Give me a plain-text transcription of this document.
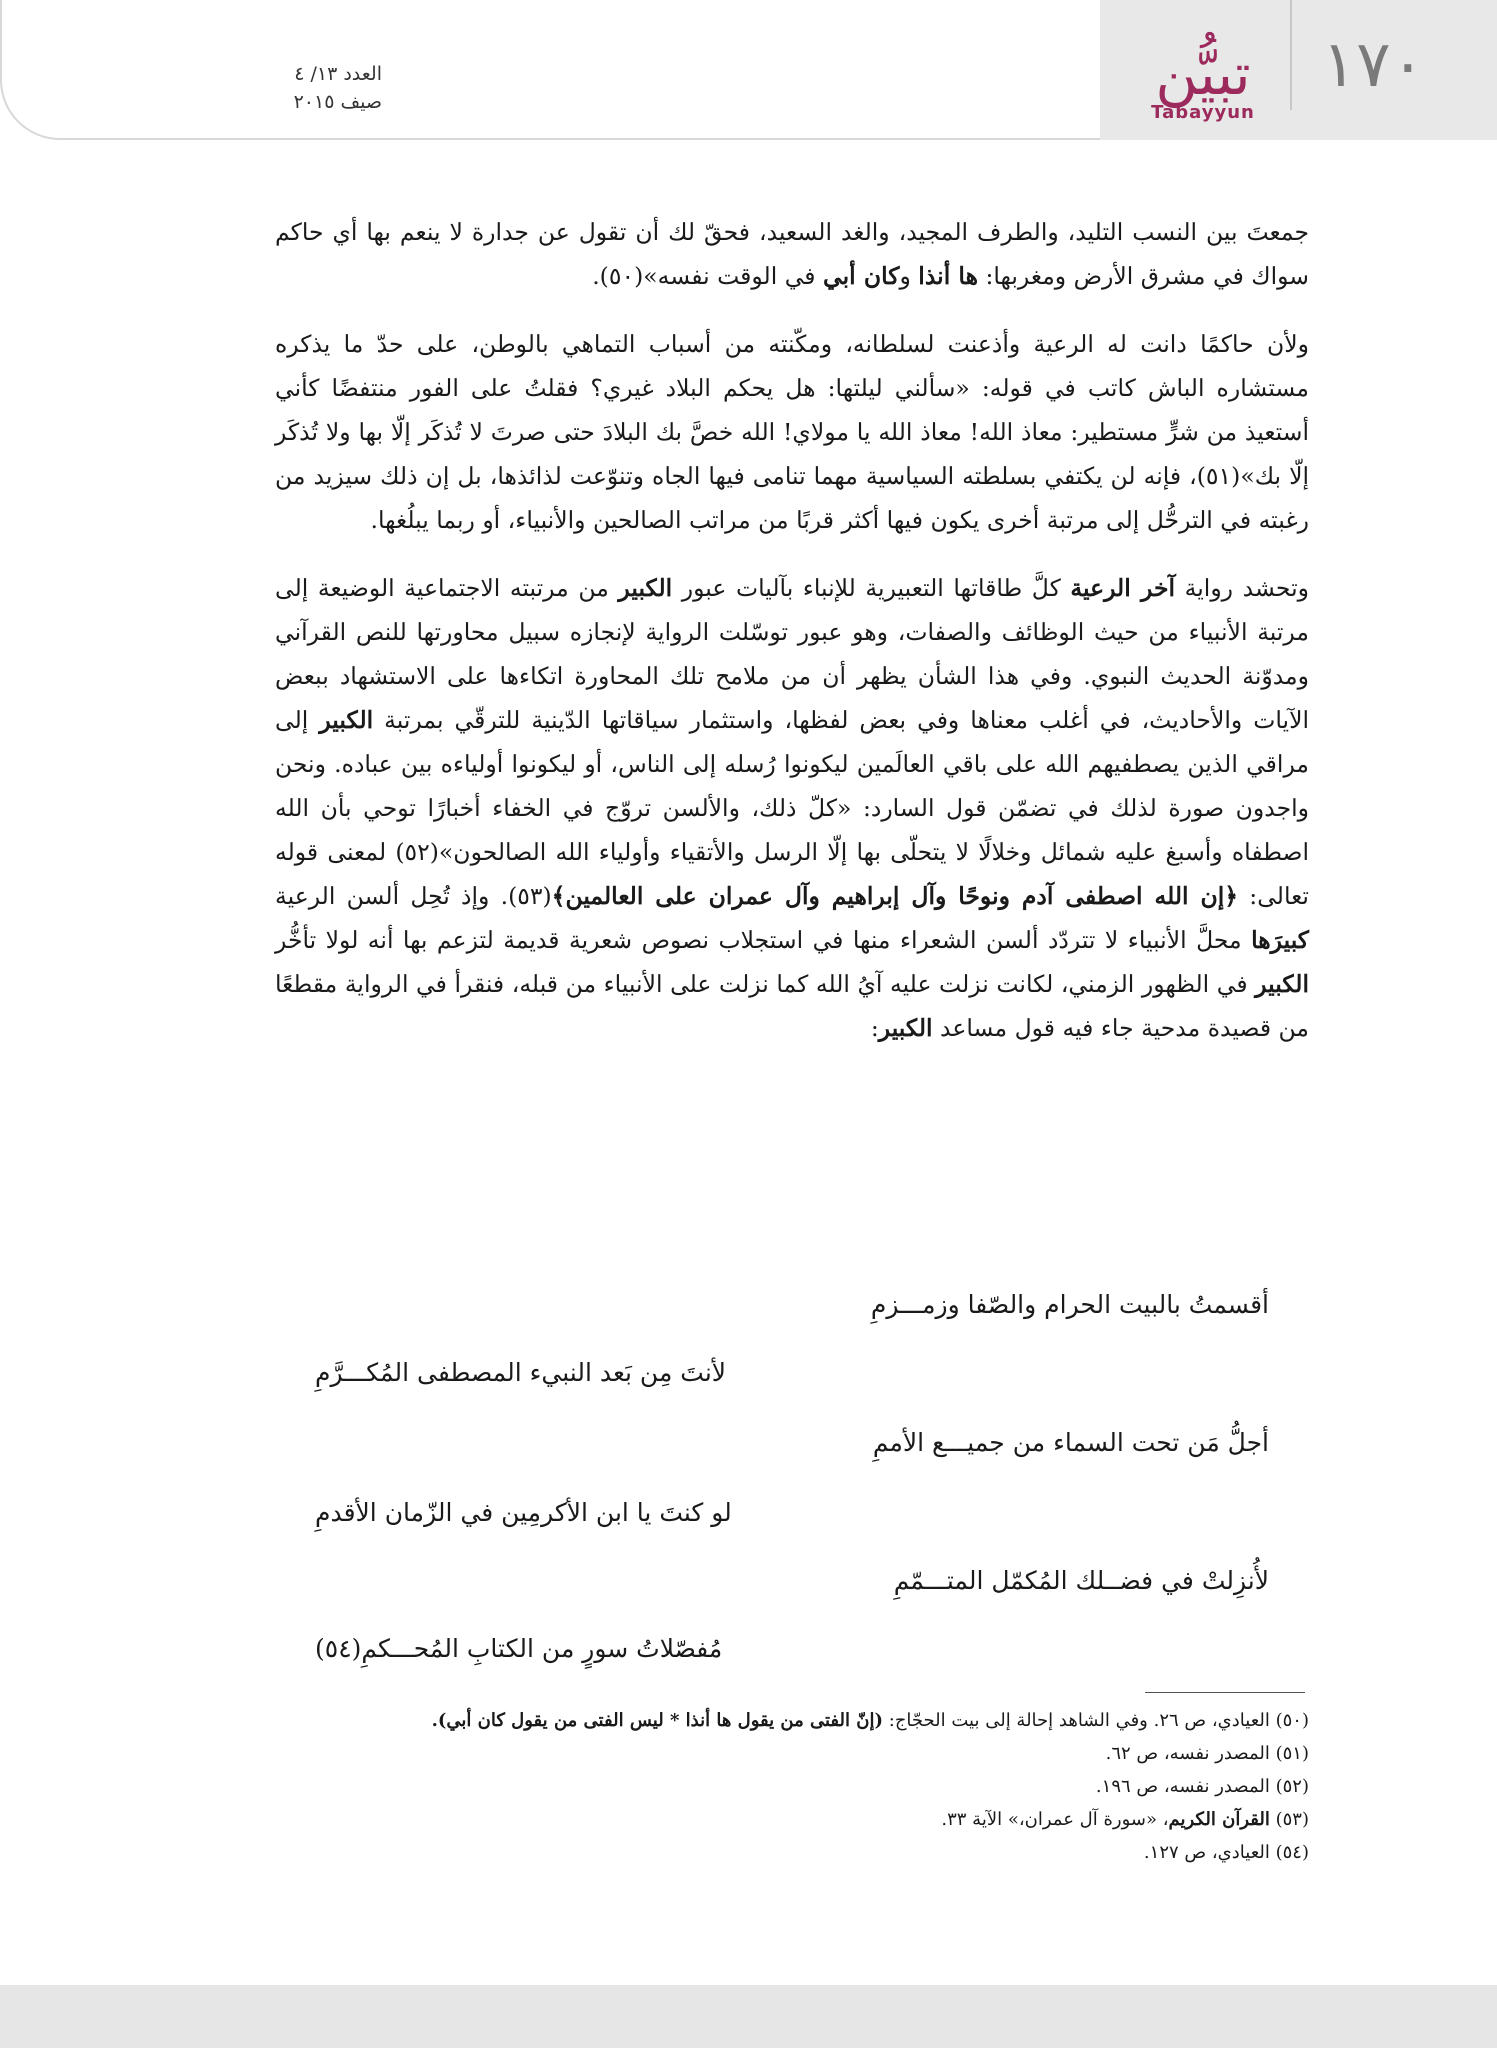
١٧٠
تبيُّن
Tabayyun
العدد ١٣/ ٤
صيف ٢٠١٥

جمعتَ بين النسب التليد، والطرف المجيد، والغد السعيد، فحقّ لك أن تقول عن جدارة لا ينعم بها أي حاكم سواك في مشرق الأرض ومغربها: ها أنذا وكان أبي في الوقت نفسه»(٥٠).

ولأن حاكمًا دانت له الرعية وأذعنت لسلطانه، ومكّنته من أسباب التماهي بالوطن، على حدّ ما يذكره مستشاره الباش كاتب في قوله: «سألني ليلتها: هل يحكم البلاد غيري؟ فقلتُ على الفور منتفضًا كأني أستعيذ من شرٍّ مستطير: معاذ الله! معاذ الله يا مولاي! الله خصَّ بك البلادَ حتى صرتَ لا تُذكَر إلّا بها ولا تُذكَر إلّا بك»(٥١)، فإنه لن يكتفي بسلطته السياسية مهما تنامى فيها الجاه وتنوّعت لذائذها، بل إن ذلك سيزيد من رغبته في الترحُّل إلى مرتبة أخرى يكون فيها أكثر قربًا من مراتب الصالحين والأنبياء، أو ربما يبلُغها.

وتحشد رواية آخر الرعية كلَّ طاقاتها التعبيرية للإنباء بآليات عبور الكبير من مرتبته الاجتماعية الوضيعة إلى مرتبة الأنبياء من حيث الوظائف والصفات، وهو عبور توسّلت الرواية لإنجازه سبيل محاورتها للنص القرآني ومدوّنة الحديث النبوي. وفي هذا الشأن يظهر أن من ملامح تلك المحاورة اتكاءها على الاستشهاد ببعض الآيات والأحاديث، في أغلب معناها وفي بعض لفظها، واستثمار سياقاتها الدّينية للترقّي بمرتبة الكبير إلى مراقي الذين يصطفيهم الله على باقي العالَمين ليكونوا رُسله إلى الناس، أو ليكونوا أولياءه بين عباده. ونحن واجدون صورة لذلك في تضمّن قول السارد: «كلّ ذلك، والألسن تروّج في الخفاء أخبارًا توحي بأن الله اصطفاه وأسبغ عليه شمائل وخلالًا لا يتحلّى بها إلّا الرسل والأتقياء وأولياء الله الصالحون»(٥٢) لمعنى قوله تعالى: ﴿إن الله اصطفى آدم ونوحًا وآل إبراهيم وآل عمران على العالمين﴾(٥٣). وإذ تُحِل ألسن الرعية كبيرَها محلَّ الأنبياء لا تتردّد ألسن الشعراء منها في استجلاب نصوص شعرية قديمة لتزعم بها أنه لولا تأخُّر الكبير في الظهور الزمني، لكانت نزلت عليه آيُ الله كما نزلت على الأنبياء من قبله، فنقرأ في الرواية مقطعًا من قصيدة مدحية جاء فيه قول مساعد الكبير:

أقسمتُ بالبيت الحرام والصّفا وزمـــزمِ
لأنتَ مِن بَعد النبيء المصطفى المُكـــرَّمِ
أجلُّ مَن تحت السماء من جميـــع الأممِ
لو كنتَ يا ابن الأكرمِين في الزّمان الأقدمِ
لأُنزِلتْ في فضــلك المُكمّل المتـــمّمِ
مُفصّلاتُ سورٍ من الكتابِ المُحـــكمِ(٥٤)
(٥٠) العيادي، ص ٢٦. وفي الشاهد إحالة إلى بيت الحجّاج: (إنّ الفتى من يقول ها أنذا * ليس الفتى من يقول كان أبي).
(٥١) المصدر نفسه، ص ٦٢.
(٥٢) المصدر نفسه، ص ١٩٦.
(٥٣) القرآن الكريم، «سورة آل عمران،» الآية ٣٣.
(٥٤) العيادي، ص ١٢٧.
